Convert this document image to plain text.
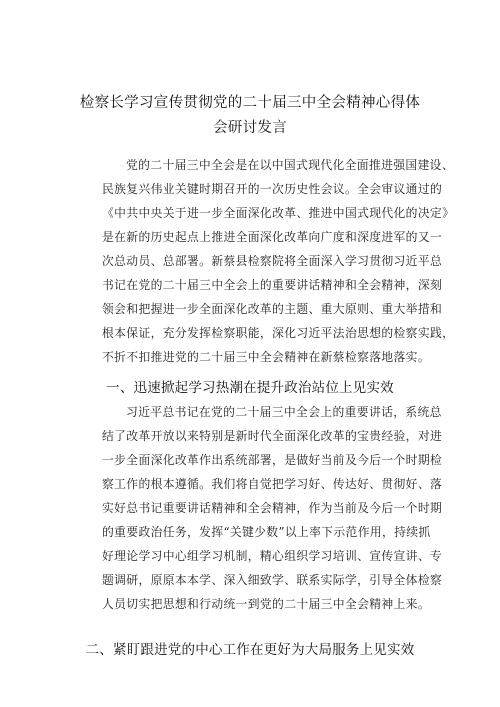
检察长学习宣传贯彻党的二十届三中全会精神心得体
会研讨发言
党的二十届三中全会是在以中国式现代化全面推进强国建设、
民族复兴伟业关键时期召开的一次历史性会议。全会审议通过的
《中共中央关于进一步全面深化改革、推进中国式现代化的决定》
是在新的历史起点上推进全面深化改革向广度和深度进军的又一
次总动员、总部署。新蔡县检察院将全面深入学习贯彻习近平总
书记在党的二十届三中全会上的重要讲话精神和全会精神，深刻
领会和把握进一步全面深化改革的主题、重大原则、重大举措和
根本保证，充分发挥检察职能，深化习近平法治思想的检察实践，
不折不扣推进党的二十届三中全会精神在新蔡检察落地落实。
一、迅速掀起学习热潮在提升政治站位上见实效
习近平总书记在党的二十届三中全会上的重要讲话，系统总
结了改革开放以来特别是新时代全面深化改革的宝贵经验，对进
一步全面深化改革作出系统部署，是做好当前及今后一个时期检
察工作的根本遵循。我们将自觉把学习好、传达好、贯彻好、落
实好总书记重要讲话精神和全会精神，作为当前及今后一个时期
的重要政治任务，发挥“关键少数”以上率下示范作用，持续抓
好理论学习中心组学习机制，精心组织学习培训、宣传宣讲、专
题调研，原原本本学、深入细致学、联系实际学，引导全体检察
人员切实把思想和行动统一到党的二十届三中全会精神上来。
二、紧盯跟进党的中心工作在更好为大局服务上见实效
